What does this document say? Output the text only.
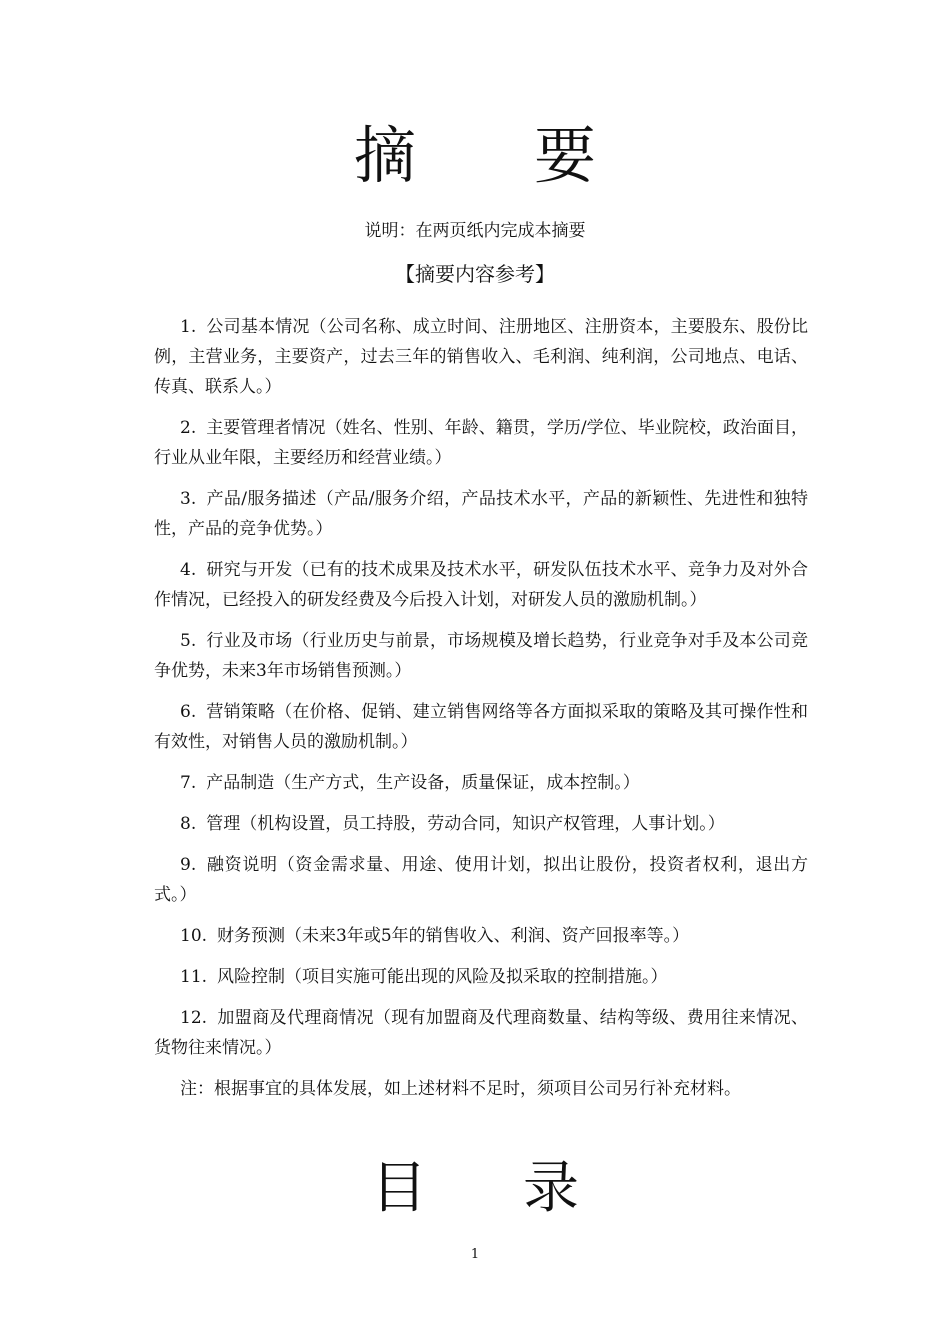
摘 要
说明：在两页纸内完成本摘要
【摘要内容参考】

1. 公司基本情况（公司名称、成立时间、注册地区、注册资本，主要股东、股份比例，主营业务，主要资产，过去三年的销售收入、毛利润、纯利润，公司地点、电话、传真、联系人。）

2. 主要管理者情况（姓名、性别、年龄、籍贯，学历/学位、毕业院校，政治面目，行业从业年限，主要经历和经营业绩。）

3. 产品/服务描述（产品/服务介绍，产品技术水平，产品的新颖性、先进性和独特性，产品的竞争优势。）

4. 研究与开发（已有的技术成果及技术水平，研发队伍技术水平、竞争力及对外合作情况，已经投入的研发经费及今后投入计划，对研发人员的激励机制。）

5. 行业及市场（行业历史与前景，市场规模及增长趋势，行业竞争对手及本公司竞争优势，未来3年市场销售预测。）

6. 营销策略（在价格、促销、建立销售网络等各方面拟采取的策略及其可操作性和有效性，对销售人员的激励机制。）

7. 产品制造（生产方式，生产设备，质量保证，成本控制。）

8. 管理（机构设置，员工持股，劳动合同，知识产权管理，人事计划。）

9. 融资说明（资金需求量、用途、使用计划，拟出让股份，投资者权利，退出方式。）

10. 财务预测（未来3年或5年的销售收入、利润、资产回报率等。）

11. 风险控制（项目实施可能出现的风险及拟采取的控制措施。）

12. 加盟商及代理商情况（现有加盟商及代理商数量、结构等级、费用往来情况、货物往来情况。）

注：根据事宜的具体发展，如上述材料不足时，须项目公司另行补充材料。

目 录
1
